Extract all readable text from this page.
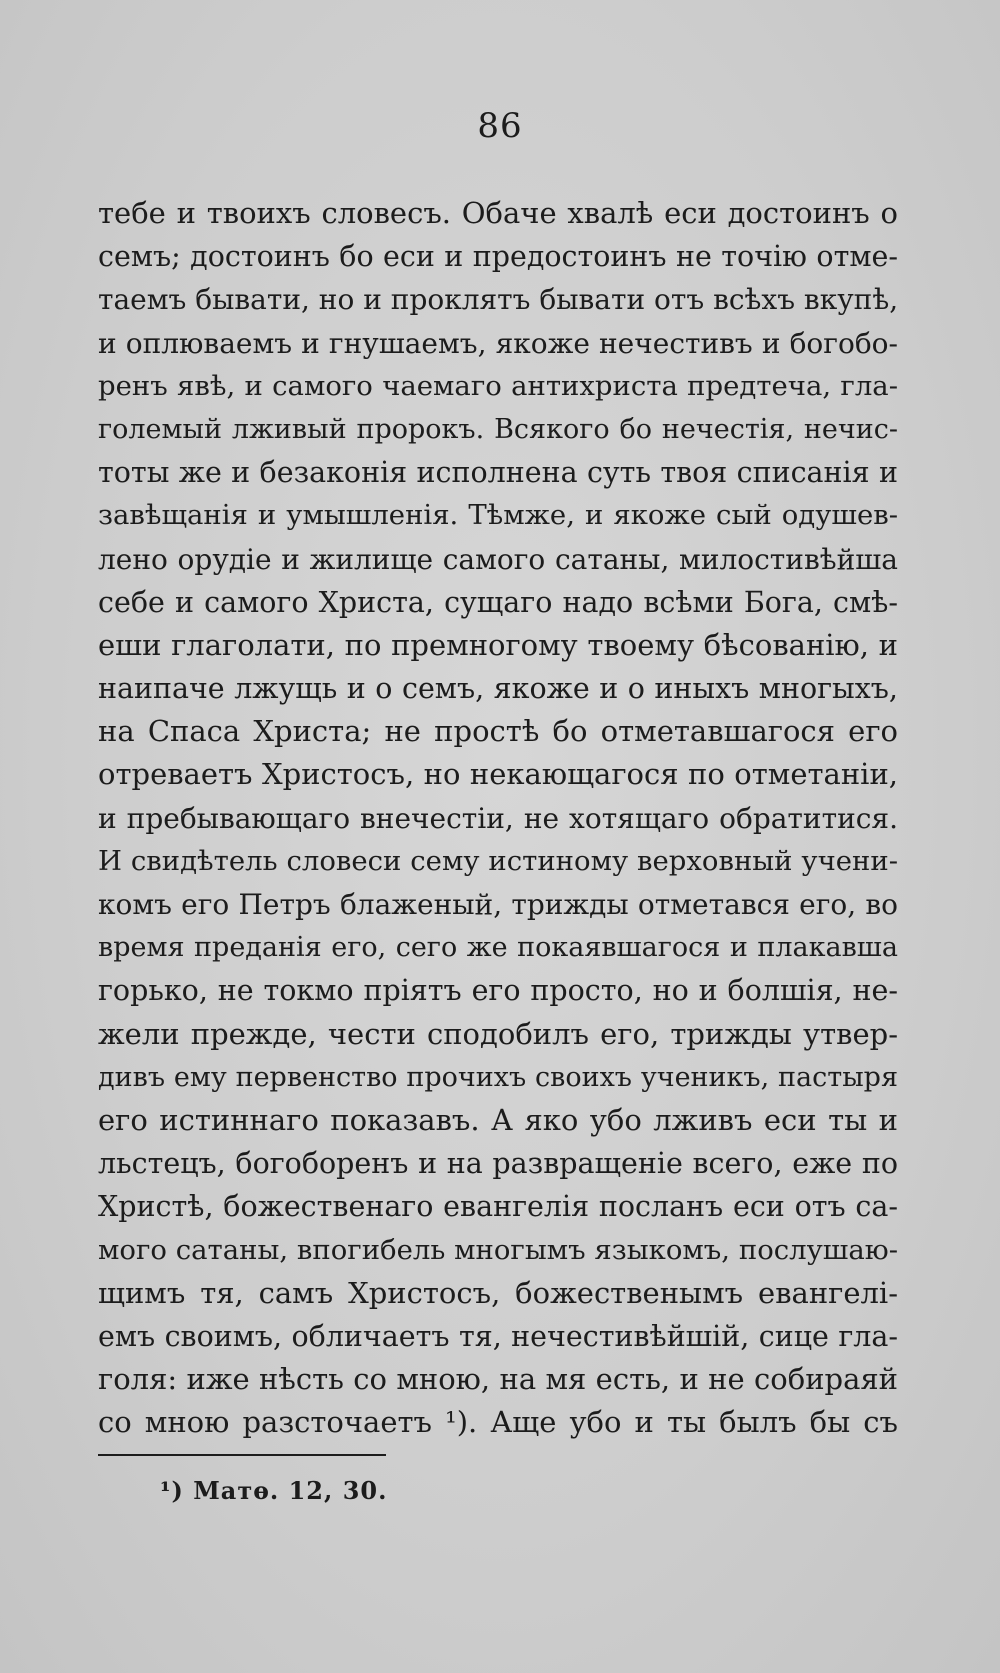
86
тебе и твоихъ словесъ. Обаче хвалѣ еси достоинъ о
семъ; достоинъ бо еси и предостоинъ не точію отме-
таемъ бывати, но и проклятъ бывати отъ всѣхъ вкупѣ,
и оплюваемъ и гнушаемъ, якоже нечестивъ и богобо-
ренъ явѣ, и самого чаемаго антихриста предтеча, гла-
големый лживый пророкъ. Всякого бо нечестія, нечис-
тоты же и безаконія исполнена суть твоя списанія и
завѣщанія и умышленія. Тѣмже, и якоже сый одушев-
лено орудіе и жилище самого сатаны, милостивѣйша
себе и самого Христа, сущаго надо всѣми Бога, смѣ-
еши глаголати, по премногому твоему бѣсованію, и
наипаче лжущь и о семъ, якоже и о иныхъ многыхъ,
на Спаса Христа; не простѣ бо отметавшагося его
отреваетъ Христосъ, но некающагося по отметаніи,
и пребывающаго внечестіи, не хотящаго обратитися.
И свидѣтель словеси сему истиному верховный учени-
комъ его Петръ блаженый, трижды отметався его, во
время преданія его, сего же покаявшагося и плакавша
горько, не токмо пріятъ его просто, но и болшія, не-
жели прежде, чести сподобилъ его, трижды утвер-
дивъ ему первенство прочихъ своихъ ученикъ, пастыря
его истиннаго показавъ. А яко убо лживъ еси ты и
льстецъ, богоборенъ и на развращеніе всего, еже по
Христѣ, божественаго евангелія посланъ еси отъ са-
мого сатаны, впогибель многымъ языкомъ, послушаю-
щимъ тя, самъ Христосъ, божественымъ евангелі-
емъ своимъ, обличаетъ тя, нечестивѣйшій, сице гла-
голя: иже нѣсть со мною, на мя есть, и не собираяй
со мною разсточаетъ ¹). Аще убо и ты былъ бы съ
¹) Матѳ. 12, 30.
